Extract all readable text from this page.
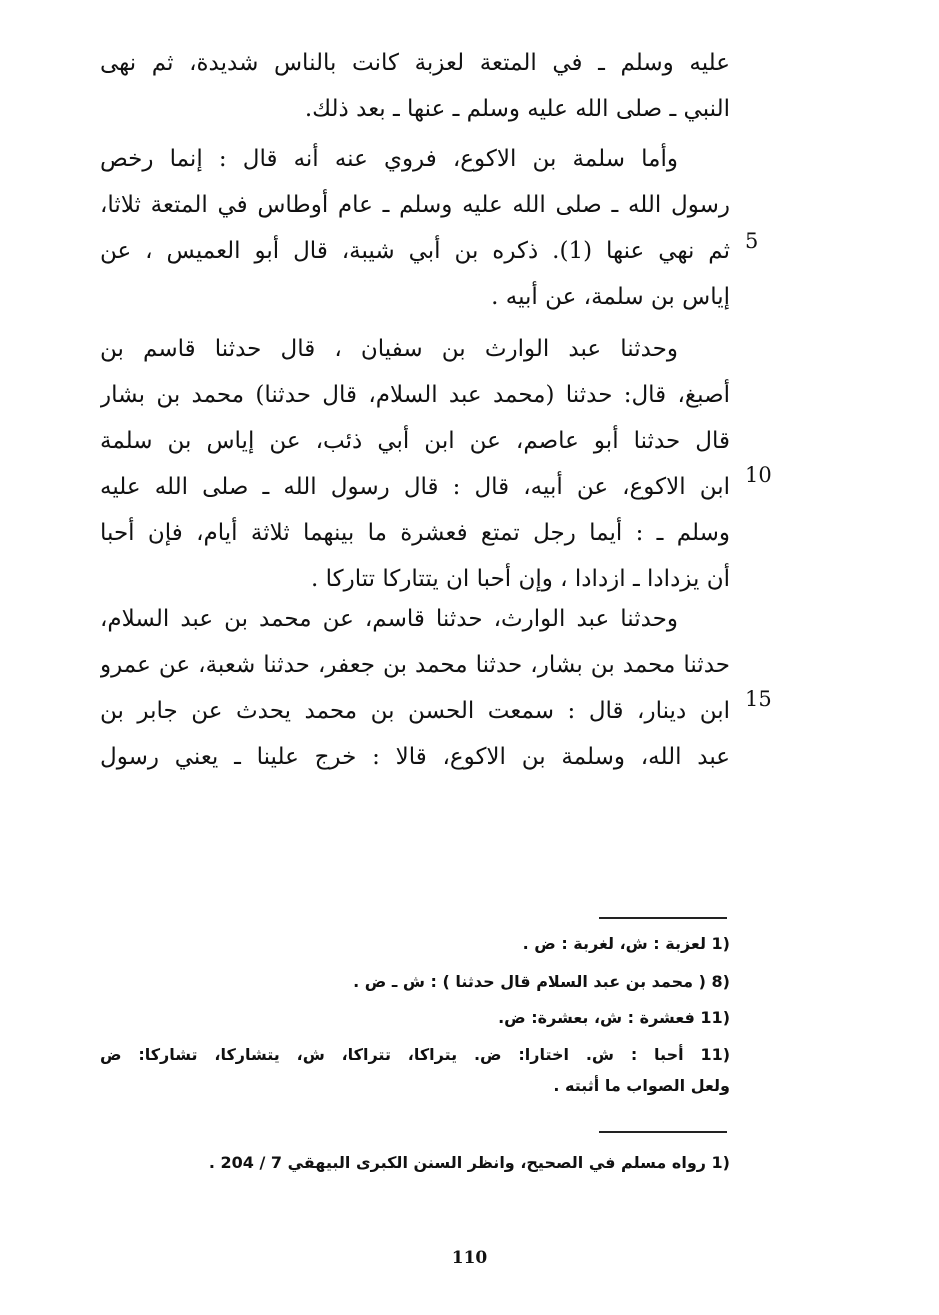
عليه وسلم ـ في المتعة لعزبة كانت بالناس شديدة، ثم نهى
النبي ـ صلى الله عليه وسلم ـ عنها ـ بعد ذلك.
وأما سلمة بن الاكوع، فروي عنه أنه قال : إنما رخص
رسول الله ـ صلى الله عليه وسلم ـ عام أوطاس في المتعة ثلاثا،
ثم نهي عنها (1). ذكره بن أبي شيبة، قال أبو العميس ، عن
إياس بن سلمة، عن أبيه .
وحدثنا عبد الوارث بن سفيان ، قال حدثنا قاسم بن
أصبغ، قال: حدثنا (محمد عبد السلام، قال حدثنا) محمد بن بشار
قال حدثنا أبو عاصم، عن ابن أبي ذئب، عن إياس بن سلمة
ابن الاكوع، عن أبيه، قال : قال رسول الله ـ صلى الله عليه
وسلم ـ : أيما رجل تمتع فعشرة ما بينهما ثلاثة أيام، فإن أحبا
أن يزدادا ـ ازدادا ، وإن أحبا ان يتتاركا تتاركا .
وحدثنا عبد الوارث، حدثنا قاسم، عن محمد بن عبد السلام،
حدثنا محمد بن بشار، حدثنا محمد بن جعفر، حدثنا شعبة، عن عمرو
ابن دينار، قال : سمعت الحسن بن محمد يحدث عن جابر بن
عبد الله، وسلمة بن الاكوع، قالا : خرج علينا ـ يعني رسول
5
10
15
1) لعزبة : ش، لغربة : ض .
8) ( محمد بن عبد السلام قال حدثنا ) : ش ـ ض .
11) فعشرة : ش، بعشرة: ض.
11) أحبا : ش. اختارا: ض. يتراكا، تتراكا، ش، يتشاركا، تشاركا: ض
ولعل الصواب ما أثبته .
1) رواه مسلم في الصحيح، وانظر السنن الكبرى البيهقي 7 / 204 .
110
